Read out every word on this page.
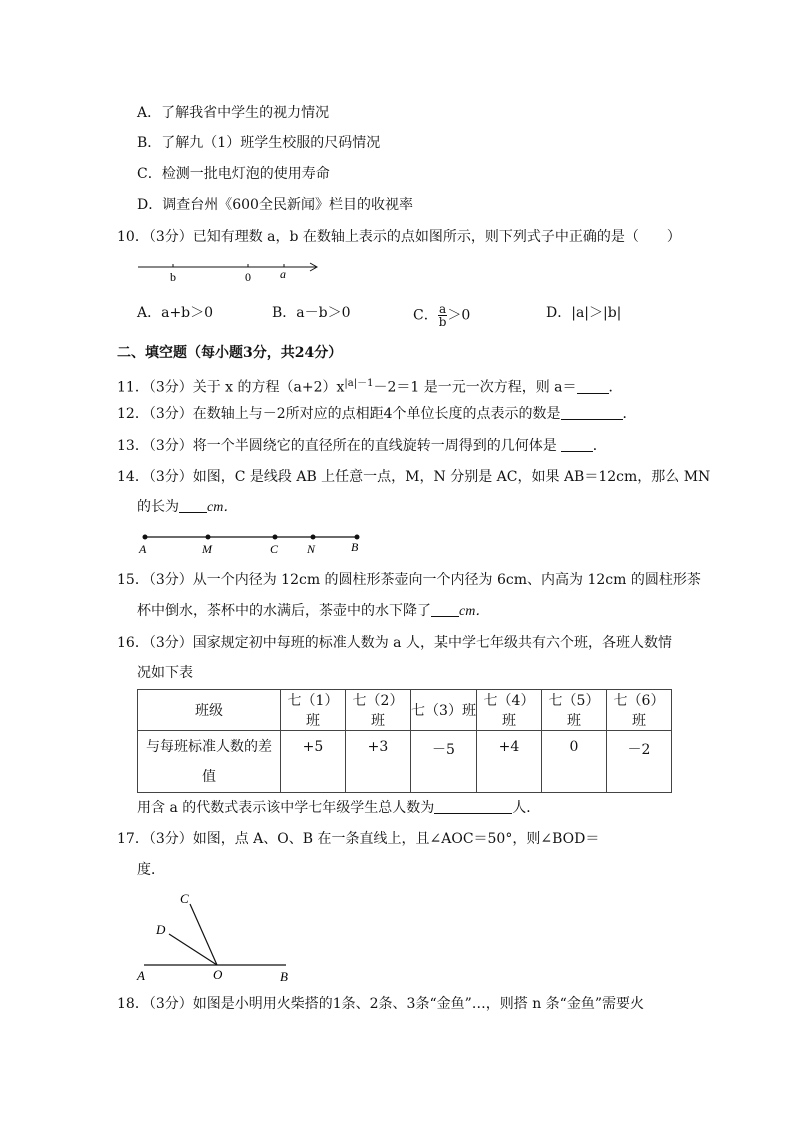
A．了解我省中学生的视力情况
B．了解九（1）班学生校服的尺码情况
C．检测一批电灯泡的使用寿命
D．调查台州《600全民新闻》栏目的收视率
10．（3分）已知有理数 a，b 在数轴上表示的点如图所示，则下列式子中正确的是（　　）
b	0 a
A．a+b＞0	B．a－b＞0	C． $\frac{a}{b} >0$	D．|a|＞|b|
二、填空题（每小题3分，共24分）
11．（3分）关于 x 的方程$(a+2)x^{|a|-1}-2=1$ 是一元一次方程，则 a＝ ．
12．（3分）在数轴上与－2所对应的点相距4个单位长度的点表示的数是	．
13．（3分）将一个半圆绕它的直径所在的直线旋转一周得到的几何体是	．
14．（3分）如图，C 是线段 AB 上任意一点，M，N 分别是 AC，如果 AB＝12cm，那么 MN
的长为 cm．
A	M	C N	B
15．（3分）从一个内径为 12cm 的圆柱形茶壶向一个内径为 6cm、内高为 12cm 的圆柱形茶
杯中倒水，茶杯中的水满后，茶壶中的水下降了 cm．
16．（3分）国家规定初中每班的标准人数为 a 人，某中学七年级共有六个班，各班人数情
况如下表
班级	七（1）班	七（2）班	七（3）班	七（4）班	七（5）班	七（6）班
与每班标准人数的差
值	+5	+3	－5	+4	0	－2
用含 a 的代数式表示该中学七年级学生总人数为	人．
17．（3分）如图，点 A、O、B 在一条直线上，且∠AOC＝50°，则∠BOD＝
度．
C
D
A	O	B
18．（3分）如图是小明用火柴搭的1条、2条、3条“金鱼”…，则搭 n 条“金鱼”需要火
